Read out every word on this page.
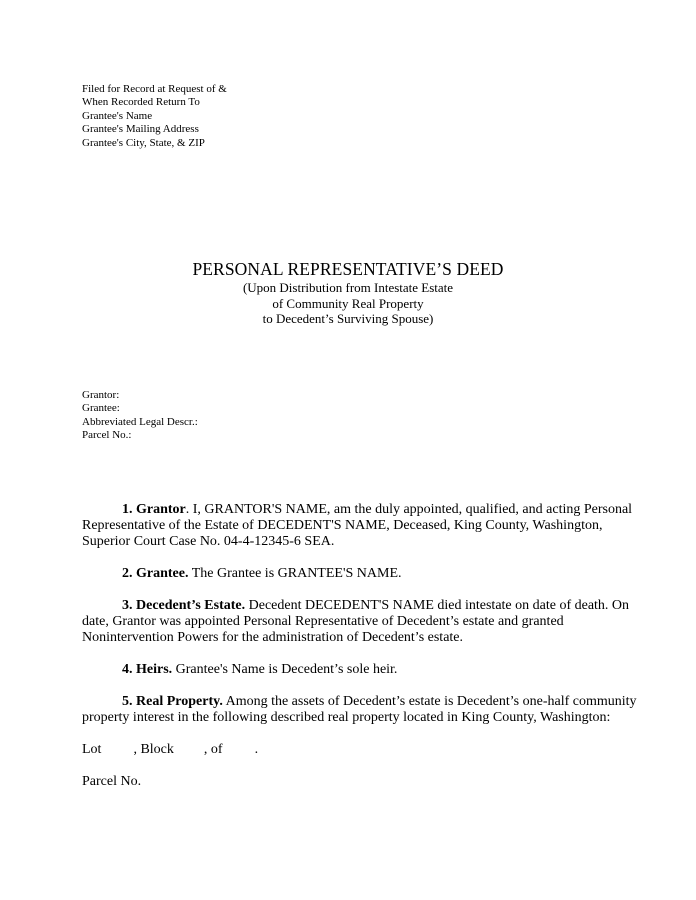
Filed for Record at Request of &
When Recorded Return To
Grantee's Name
Grantee's Mailing Address
Grantee's City, State, & ZIP
PERSONAL REPRESENTATIVE’S DEED
(Upon Distribution from Intestate Estate
of Community Real Property
to Decedent’s Surviving Spouse)
Grantor:
Grantee:
Abbreviated Legal Descr.:
Parcel No.:

1. Grantor. I, GRANTOR'S NAME, am the duly appointed, qualified, and acting Personal Representative of the Estate of DECEDENT'S NAME, Deceased, King County, Washington, Superior Court Case No. 04-4-12345-6 SEA.

2. Grantee. The Grantee is GRANTEE'S NAME.

3. Decedent’s Estate. Decedent DECEDENT'S NAME died intestate on date of death. On date, Grantor was appointed Personal Representative of Decedent’s estate and granted Nonintervention Powers for the administration of Decedent’s estate.

4. Heirs. Grantee's Name is Decedent’s sole heir.

5. Real Property. Among the assets of Decedent’s estate is Decedent’s one-half community property interest in the following described real property located in King County, Washington:

Lot , Block , of .
Parcel No.
